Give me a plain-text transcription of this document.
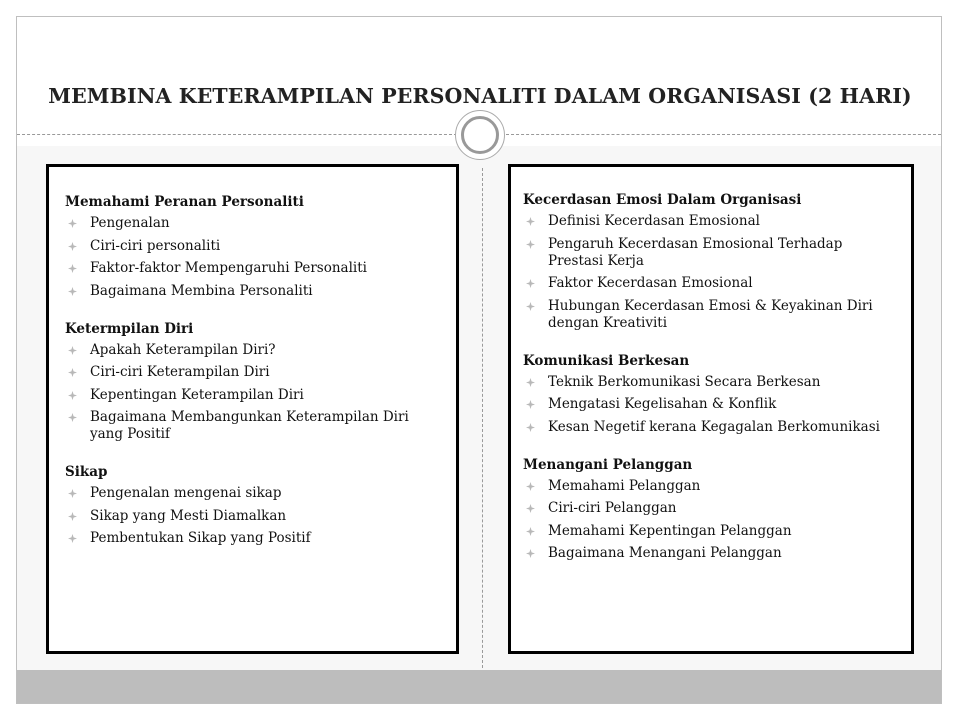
MEMBINA KETERAMPILAN PERSONALITI DALAM ORGANISASI (2 HARI)
Memahami Peranan Personaliti
Pengenalan
Ciri-ciri personaliti
Faktor-faktor Mempengaruhi Personaliti
Bagaimana Membina Personaliti
Ketermpilan Diri
Apakah Keterampilan Diri?
Ciri-ciri Keterampilan Diri
Kepentingan Keterampilan Diri
Bagaimana Membangunkan Keterampilan Diri yang Positif
Sikap
Pengenalan mengenai sikap
Sikap yang Mesti Diamalkan
Pembentukan Sikap yang Positif
Kecerdasan Emosi Dalam Organisasi
Definisi Kecerdasan Emosional
Pengaruh Kecerdasan Emosional Terhadap Prestasi Kerja
Faktor Kecerdasan Emosional
Hubungan Kecerdasan Emosi & Keyakinan Diri dengan Kreativiti
Komunikasi Berkesan
Teknik Berkomunikasi Secara Berkesan
Mengatasi Kegelisahan & Konflik
Kesan Negetif kerana Kegagalan Berkomunikasi
Menangani Pelanggan
Memahami Pelanggan
Ciri-ciri Pelanggan
Memahami Kepentingan Pelanggan
Bagaimana Menangani Pelanggan
